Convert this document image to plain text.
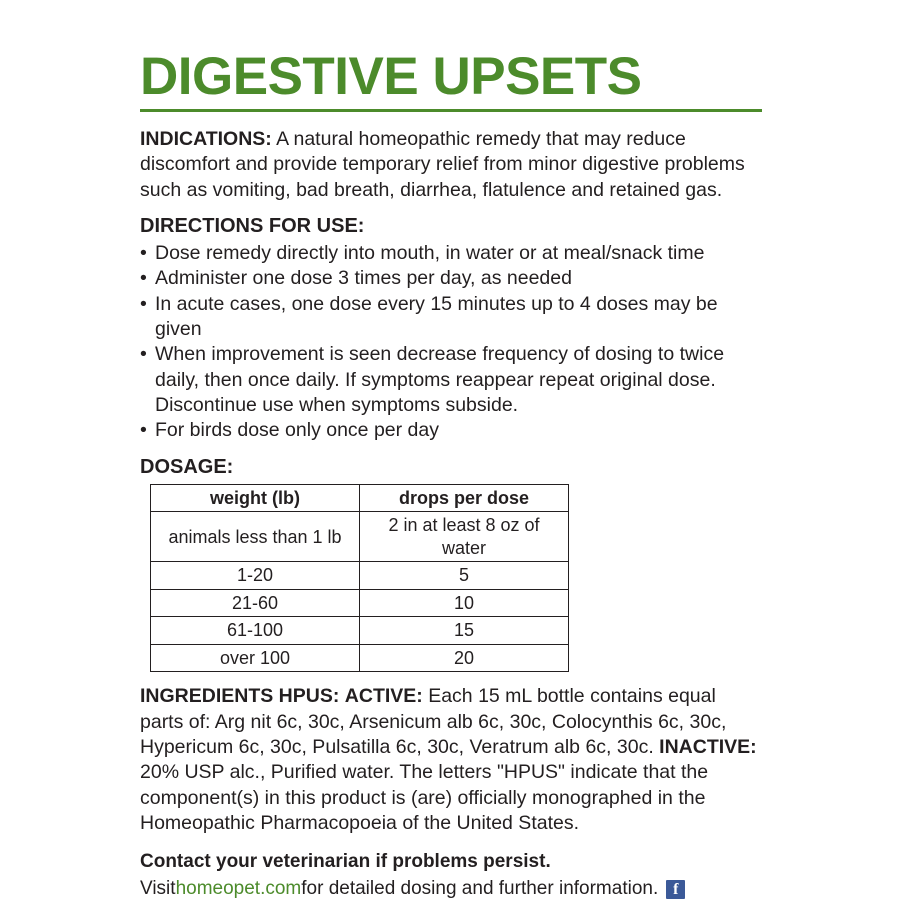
DIGESTIVE UPSETS

INDICATIONS: A natural homeopathic remedy that may reduce discomfort and provide temporary relief from minor digestive problems such as vomiting, bad breath, diarrhea, flatulence and retained gas.

DIRECTIONS FOR USE:

• Dose remedy directly into mouth, in water or at meal/snack time
• Administer one dose 3 times per day, as needed
• In acute cases, one dose every 15 minutes up to 4 doses may be given
• When improvement is seen decrease frequency of dosing to twice daily, then once daily. If symptoms reappear repeat original dose. Discontinue use when symptoms subside.
• For birds dose only once per day

DOSAGE:

weight (lb)	drops per dose
animals less than 1 lb	2 in at least 8 oz of water
1-20	5
21-60	10
61-100	15
over 100	20

INGREDIENTS HPUS: ACTIVE: Each 15 mL bottle contains equal parts of: Arg nit 6c, 30c, Arsenicum alb 6c, 30c, Colocynthis 6c, 30c, Hypericum 6c, 30c, Pulsatilla 6c, 30c, Veratrum alb 6c, 30c. INACTIVE: 20% USP alc., Purified water. The letters "HPUS" indicate that the component(s) in this product is (are) officially monographed in the Homeopathic Pharmacopoeia of the United States.

Contact your veterinarian if problems persist.

Visit homeopet.com for detailed dosing and further information. f
